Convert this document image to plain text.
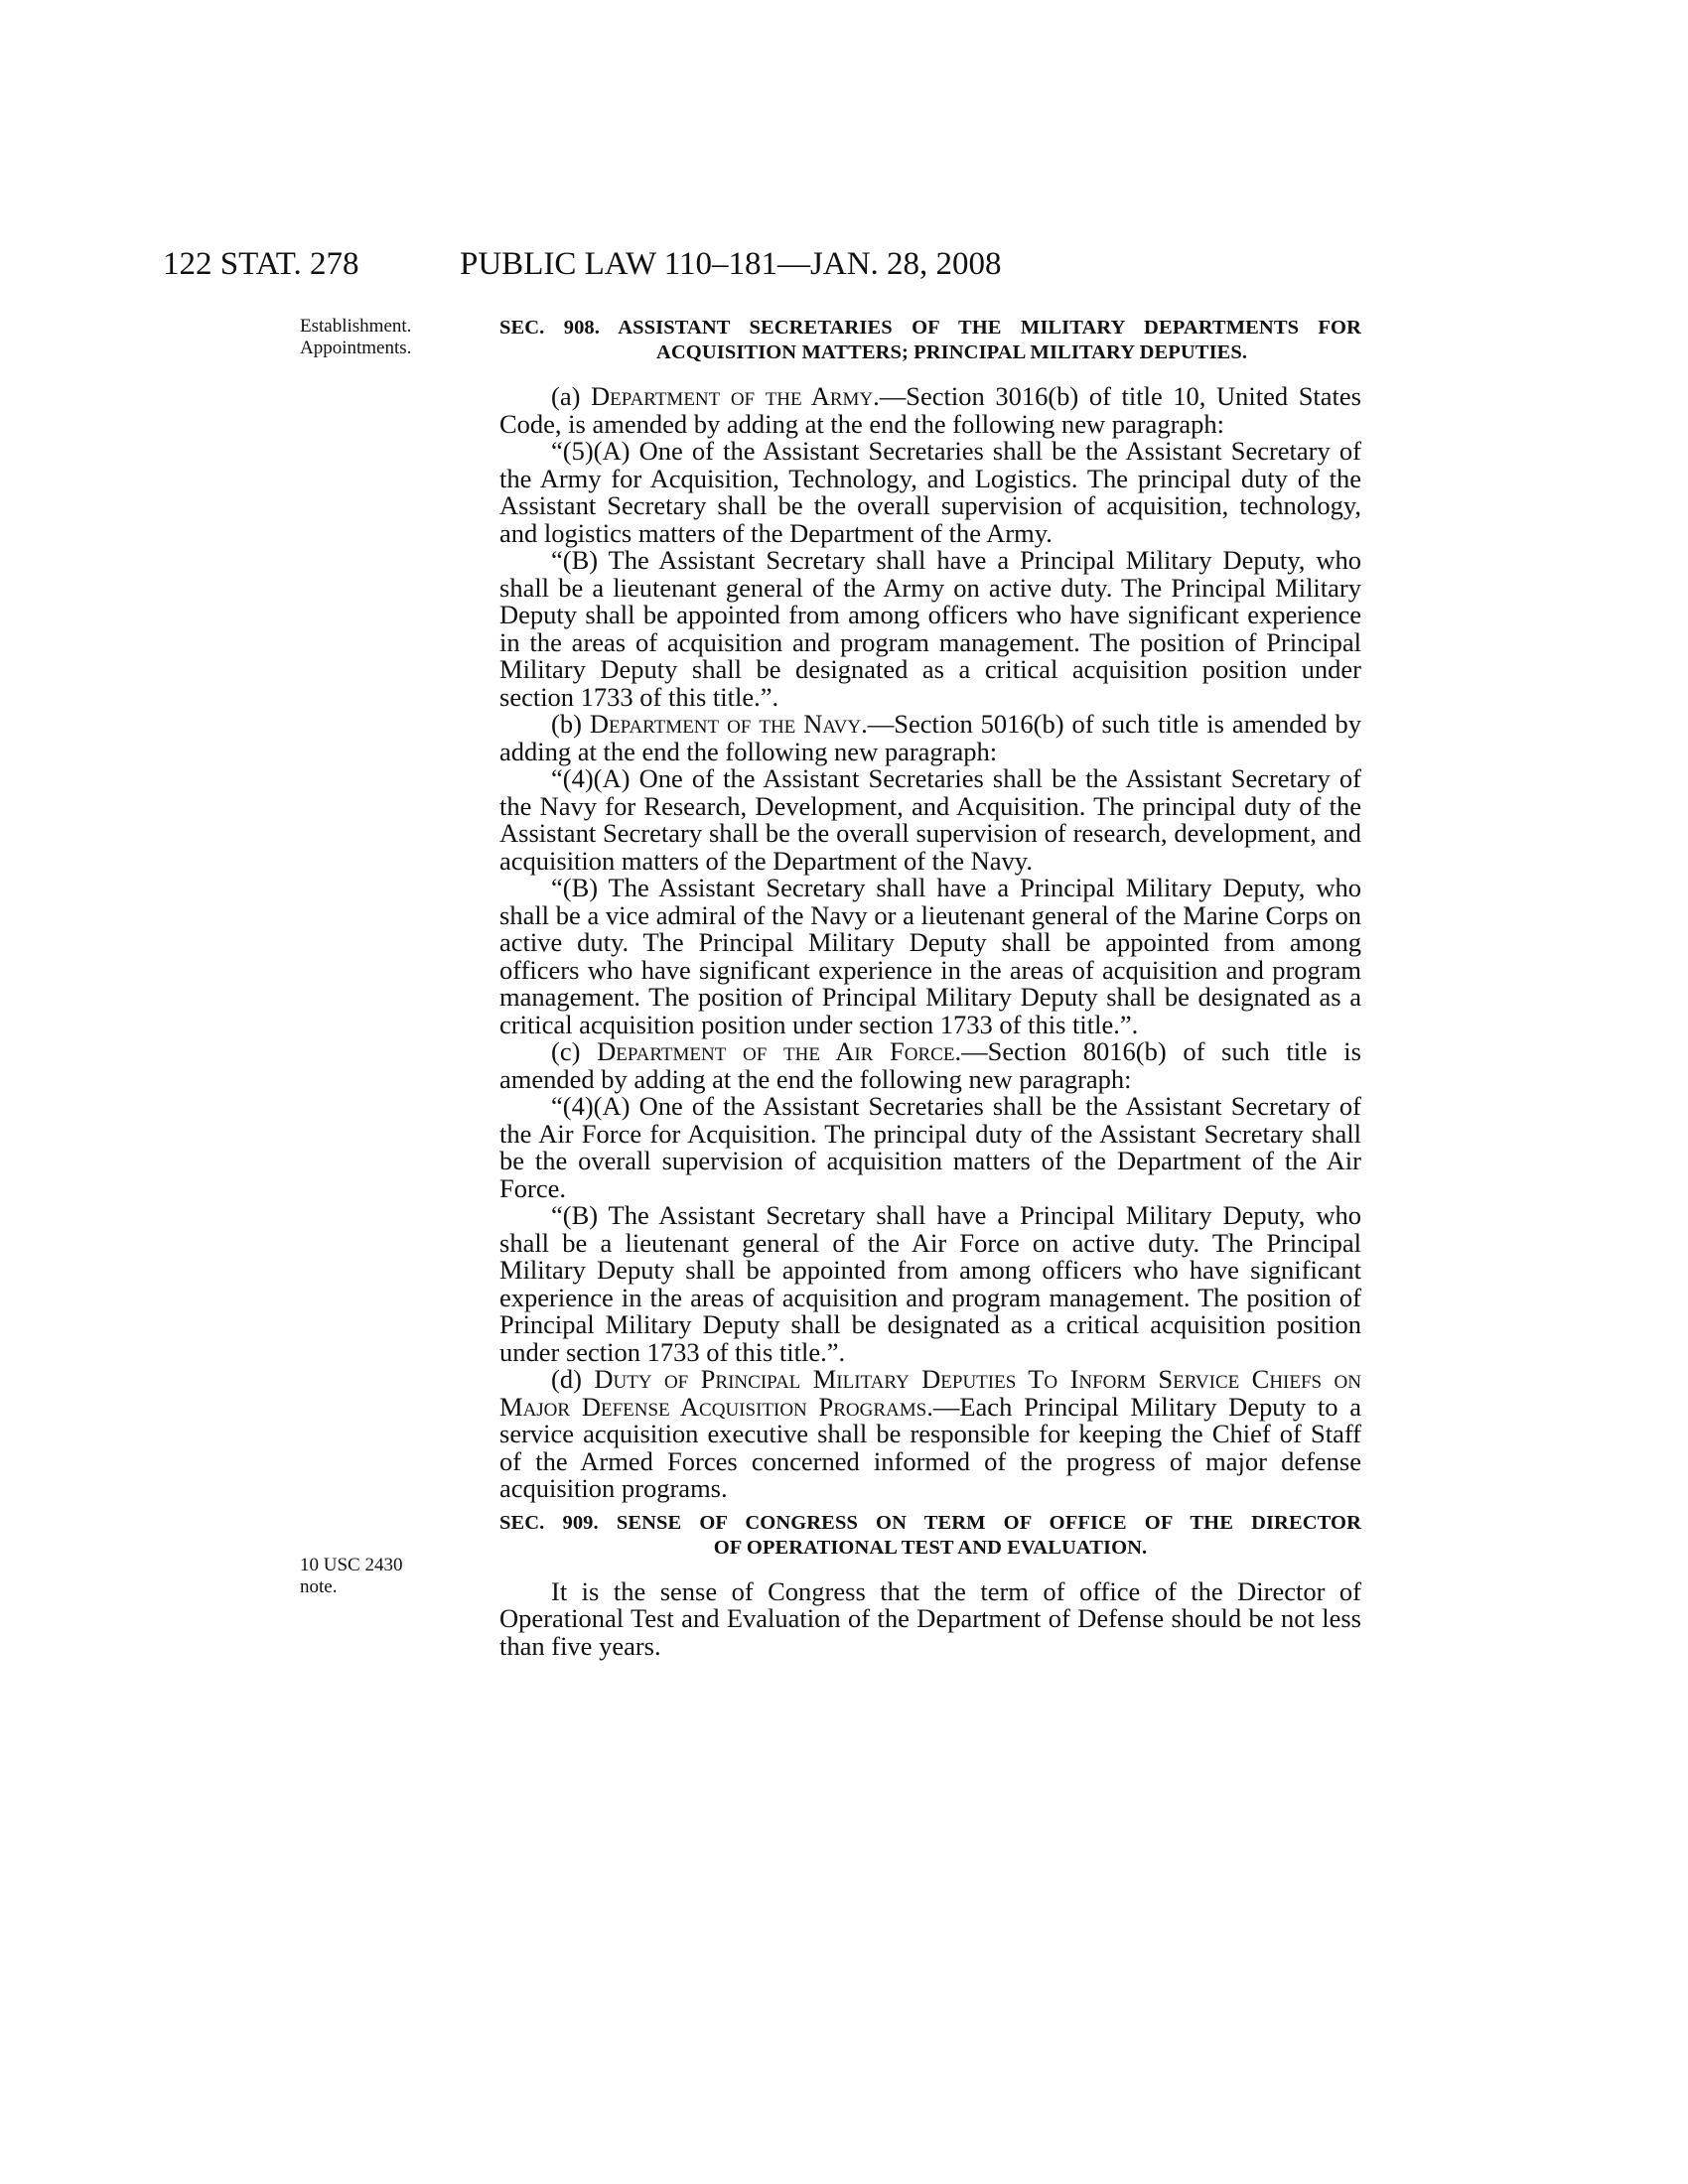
122 STAT. 278	PUBLIC LAW 110–181—JAN. 28, 2008
Establishment.
Appointments.
10 USC 2430
note.
SEC. 908. ASSISTANT SECRETARIES OF THE MILITARY DEPARTMENTS FOR ACQUISITION MATTERS; PRINCIPAL MILITARY DEPUTIES.

(a) Department of the Army.—Section 3016(b) of title 10, United States Code, is amended by adding at the end the following new paragraph:

“(5)(A) One of the Assistant Secretaries shall be the Assistant Secretary of the Army for Acquisition, Technology, and Logistics. The principal duty of the Assistant Secretary shall be the overall supervision of acquisition, technology, and logistics matters of the Department of the Army.

“(B) The Assistant Secretary shall have a Principal Military Deputy, who shall be a lieutenant general of the Army on active duty. The Principal Military Deputy shall be appointed from among officers who have significant experience in the areas of acquisition and program management. The position of Principal Military Deputy shall be designated as a critical acquisition position under section 1733 of this title.”.

(b) Department of the Navy.—Section 5016(b) of such title is amended by adding at the end the following new paragraph:

“(4)(A) One of the Assistant Secretaries shall be the Assistant Secretary of the Navy for Research, Development, and Acquisition. The principal duty of the Assistant Secretary shall be the overall supervision of research, development, and acquisition matters of the Department of the Navy.

“(B) The Assistant Secretary shall have a Principal Military Deputy, who shall be a vice admiral of the Navy or a lieutenant general of the Marine Corps on active duty. The Principal Military Deputy shall be appointed from among officers who have significant experience in the areas of acquisition and program management. The position of Principal Military Deputy shall be designated as a critical acquisition position under section 1733 of this title.”.

(c) Department of the Air Force.—Section 8016(b) of such title is amended by adding at the end the following new paragraph:

“(4)(A) One of the Assistant Secretaries shall be the Assistant Secretary of the Air Force for Acquisition. The principal duty of the Assistant Secretary shall be the overall supervision of acquisition matters of the Department of the Air Force.

“(B) The Assistant Secretary shall have a Principal Military Deputy, who shall be a lieutenant general of the Air Force on active duty. The Principal Military Deputy shall be appointed from among officers who have significant experience in the areas of acquisition and program management. The position of Principal Military Deputy shall be designated as a critical acquisition position under section 1733 of this title.”.

(d) Duty of Principal Military Deputies To Inform Service Chiefs on Major Defense Acquisition Programs.—Each Principal Military Deputy to a service acquisition executive shall be responsible for keeping the Chief of Staff of the Armed Forces concerned informed of the progress of major defense acquisition programs.

SEC. 909. SENSE OF CONGRESS ON TERM OF OFFICE OF THE DIRECTOR
OF OPERATIONAL TEST AND EVALUATION.

It is the sense of Congress that the term of office of the Director of Operational Test and Evaluation of the Department of Defense should be not less than five years.
